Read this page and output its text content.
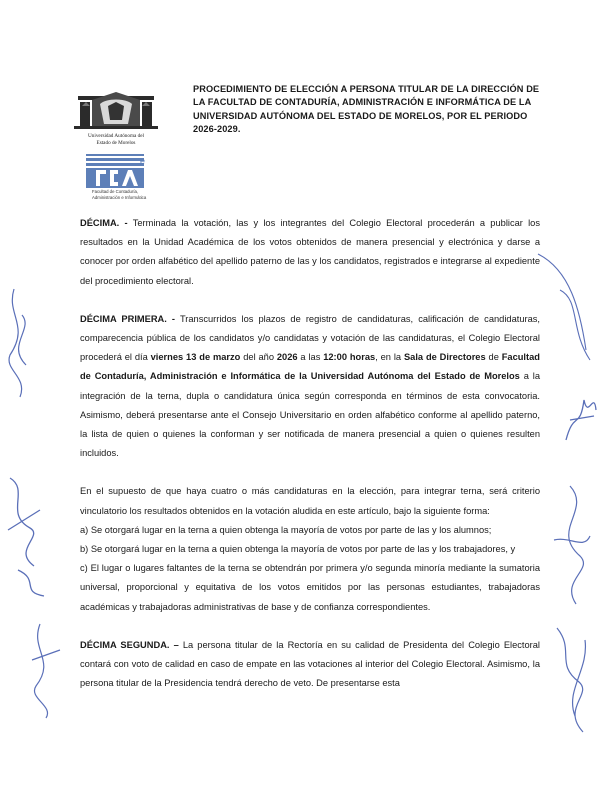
Universidad Autónoma del
Estado de Morelos
e
Facultad de Contaduría,
Administración e Informática
PROCEDIMIENTO DE ELECCIÓN A PERSONA TITULAR DE LA DIRECCIÓN DE LA FACULTAD DE CONTADURÍA, ADMINISTRACIÓN E INFORMÁTICA DE LA UNIVERSIDAD AUTÓNOMA DEL ESTADO DE MORELOS, POR EL PERIODO 2026-2029.

DÉCIMA. - Terminada la votación, las y los integrantes del Colegio Electoral procederán a publicar los resultados en la Unidad Académica de los votos obtenidos de manera presencial y electrónica y darse a conocer por orden alfabético del apellido paterno de las y los candidatos, registrados e integrarse al expediente del procedimiento electoral.

DÉCIMA PRIMERA. - Transcurridos los plazos de registro de candidaturas, calificación de candidaturas, comparecencia pública de los candidatos y/o candidatas y votación de las candidaturas, el Colegio Electoral procederá el día viernes 13 de marzo del año 2026 a las 12:00 horas, en la Sala de Directores de Facultad de Contaduría, Administración e Informática de la Universidad Autónoma del Estado de Morelos a la integración de la terna, dupla o candidatura única según corresponda en términos de esta convocatoria. Asimismo, deberá presentarse ante el Consejo Universitario en orden alfabético conforme al apellido paterno, la lista de quien o quienes la conforman y ser notificada de manera presencial a quien o quienes resulten incluidos.

En el supuesto de que haya cuatro o más candidaturas en la elección, para integrar terna, será criterio vinculatorio los resultados obtenidos en la votación aludida en este artículo, bajo la siguiente forma:

a) Se otorgará lugar en la terna a quien obtenga la mayoría de votos por parte de las y los alumnos;

b) Se otorgará lugar en la terna a quien obtenga la mayoría de votos por parte de las y los trabajadores, y

c) El lugar o lugares faltantes de la terna se obtendrán por primera y/o segunda minoría mediante la sumatoria universal, proporcional y equitativa de los votos emitidos por las personas estudiantes, trabajadoras académicas y trabajadoras administrativas de base y de confianza correspondientes.

DÉCIMA SEGUNDA. – La persona titular de la Rectoría en su calidad de Presidenta del Colegio Electoral contará con voto de calidad en caso de empate en las votaciones al interior del Colegio Electoral. Asimismo, la persona titular de la Presidencia tendrá derecho de veto. De presentarse esta
